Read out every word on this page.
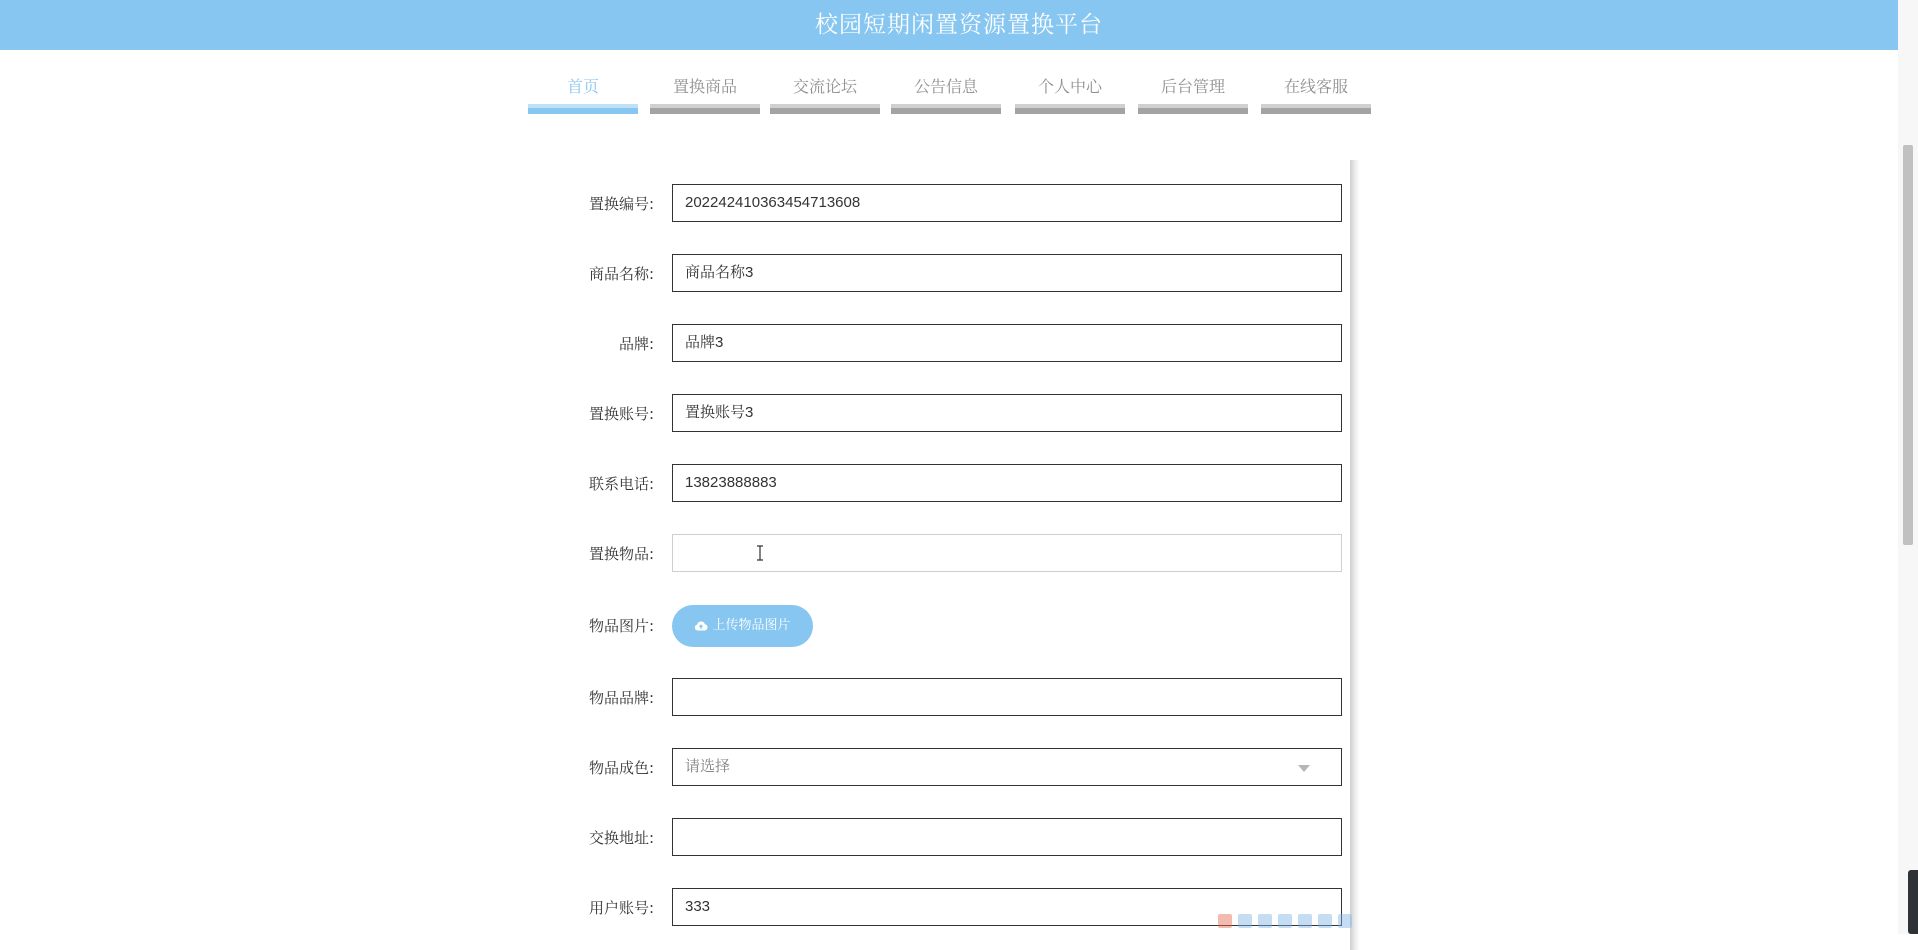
校园短期闲置资源置换平台
首页	置换商品	交流论坛	公告信息	个人中心	后台管理	在线客服
置换编号:	202242410363454713608
商品名称:	商品名称3
品牌:	品牌3
置换账号:	置换账号3
联系电话:	13823888883
置换物品:
物品图片:	上传物品图片
物品品牌:
物品成色:	请选择
交换地址:
用户账号:	333
